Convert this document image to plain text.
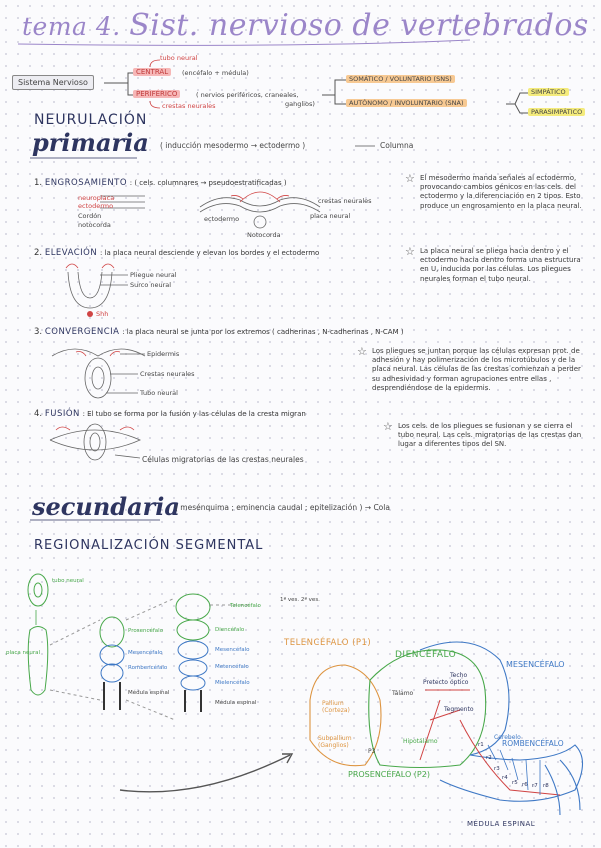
tema 4. Sist. nervioso de vertebrados
Sistema Nervioso
tubo neural
CENTRAL	(encéfalo + médula)
PERIFÉRICO	( nervios periféricos, craneales,
ganglios)
crestas neurales
SOMÁTICO / VOLUNTARIO (SNS)
AUTÓNOMO / INVOLUNTARIO (SNA)
SIMPÁTICO
PARASIMPÁTICO
NEURULACIÓN
primaria ( inducción mesodermo → ectodermo )	Columna
1. ENGROSAMIENTO : ( cels. columnares → pseudoestratificadas )
neuroplaca
ectodermo
Cordón
notocorda
ectodermo
crestas neurales
placa neural
Notocorda
☆ El mesodermo manda señales al ectodermo, provocando cambios génicos en las cels. del ectodermo y la diferenciación en 2 tipos. Esto produce un engrosamiento en la placa neural.
2. ELEVACIÓN : la placa neural desciende y elevan los bordes y el ectodermo
Pliegue neural
Surco neural
Shh
☆ La placa neural se pliega hacia dentro y el ectodermo hacia dentro forma una estructura en U, inducida por las células. Los pliegues neurales forman el tubo neural.
3. CONVERGENCIA : la placa neural se junta por los extremos ( cadherinas , N-cadherinas , N-CAM )
Epidermis
Crestas neurales
Tubo neural
☆ Los pliegues se juntan porque las células expresan prot. de adhesión y hay polimerización de los microtúbulos y de la placa neural. Las células de las crestas comienzan a perder su adhesividad y forman agrupaciones entre ellas , desprendiéndose de la epidermis.
4. FUSIÓN : El tubo se forma por la fusión y las células de la cresta migran
Células migratorias de las crestas neurales
☆ Los cels. de los pliegues se fusionan y se cierra el tubo neural. Las cels. migratorias de las crestas dan lugar a diferentes tipos del SN.
secundaria
( mesénquima ; eminencia caudal ; epitelización ) → Cola
REGIONALIZACIÓN SEGMENTAL
tubo neural
placa neural
Prosencéfalo
Mesencéfalo
Rombencéfalo
Médula espinal
Telencéfalo
1ª ves. 2ª ves.
Diencéfalo
Mesencéfalo
Metencéfalo
Mielencéfalo
Médula espinal
TELENCÉFALO (P1)
DIENCÉFALO
MESENCÉFALO
ROMBENCÉFALO
PROSENCÉFALO (P2)
MÉDULA ESPINAL
Pallium (Corteza)
Subpallium (Ganglios)
Tálamo
Pretecto
Techo óptico
Tegmento
Cerebelo
Hipotálamo
P3
r1
r2
r3
r4
r5 r6 r7 r8
